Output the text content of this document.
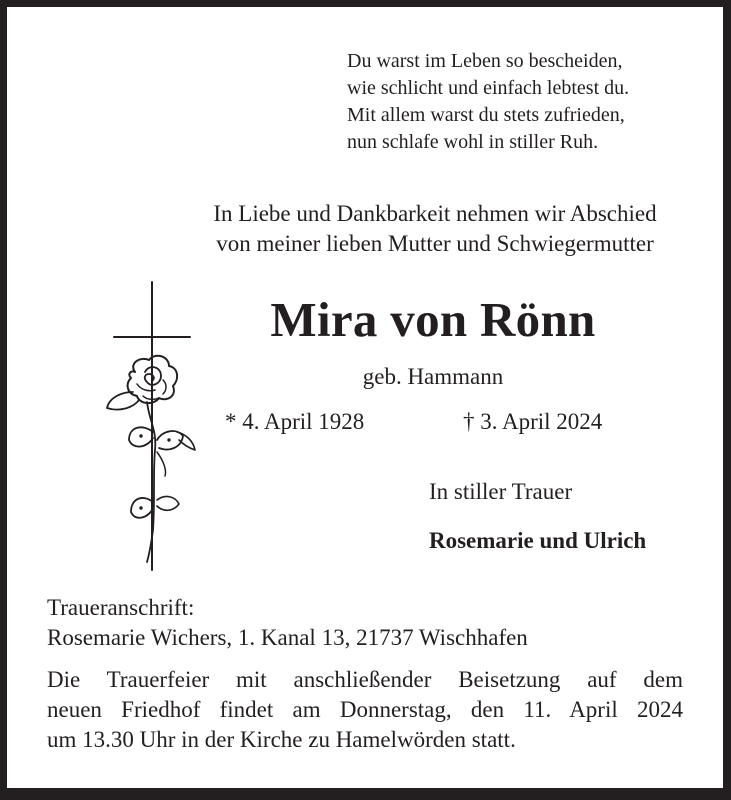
Du warst im Leben so bescheiden,
wie schlicht und einfach lebtest du.
Mit allem warst du stets zufrieden,
nun schlafe wohl in stiller Ruh.
In Liebe und Dankbarkeit nehmen wir Abschied
von meiner lieben Mutter und Schwiegermutter
Mira von Rönn
geb. Hammann
* 4. April 1928	† 3. April 2024
In stiller Trauer
Rosemarie und Ulrich
Traueranschrift:
Rosemarie Wichers, 1. Kanal 13, 21737 Wischhafen
Die Trauerfeier mit anschließender Beisetzung auf dem
neuen Friedhof findet am Donnerstag, den 11. April 2024
um 13.30 Uhr in der Kirche zu Hamelwörden statt.
